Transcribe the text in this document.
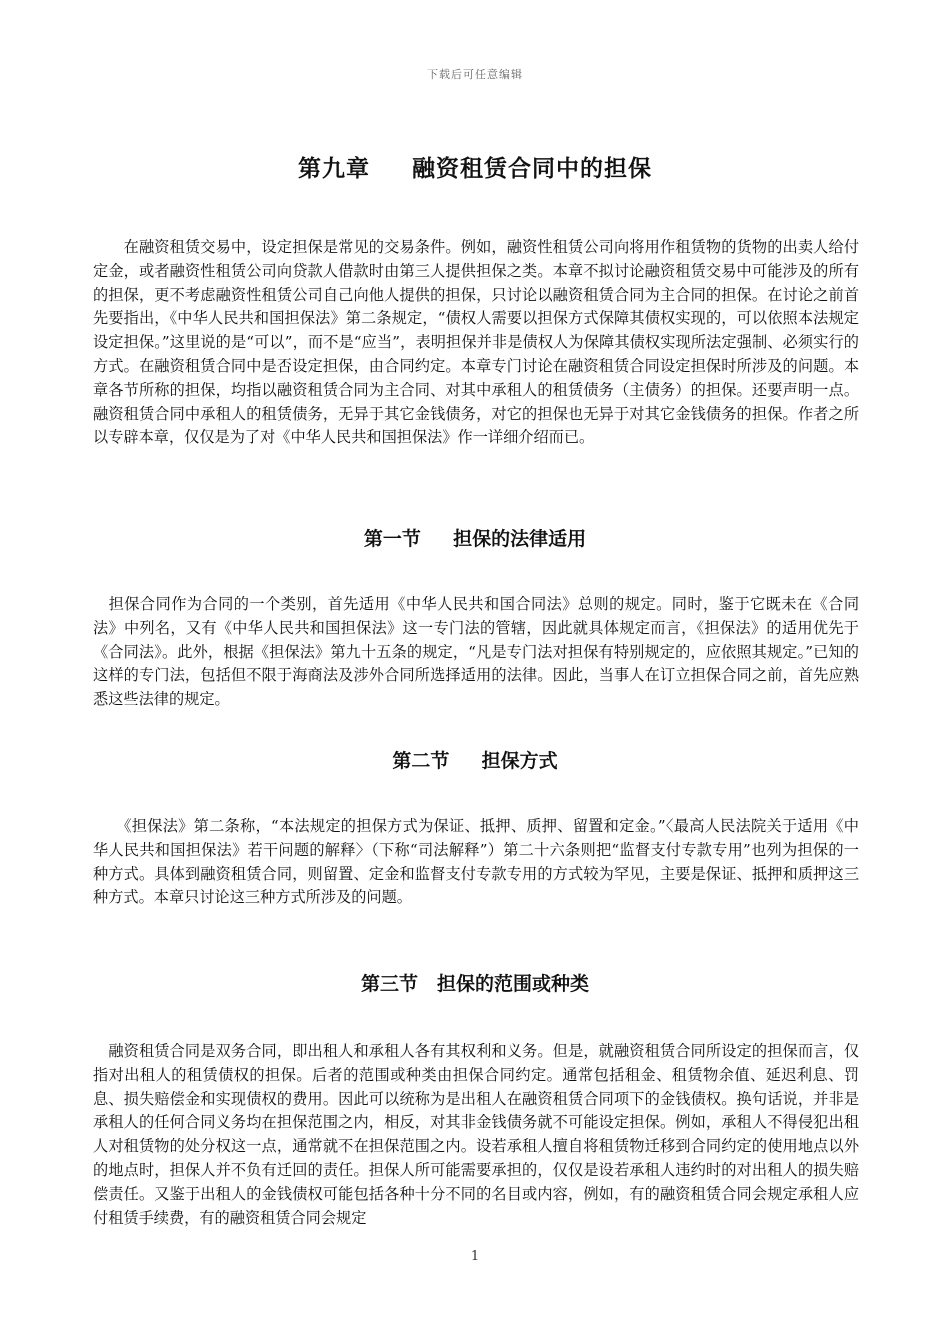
下载后可任意编辑
第九章　  融资租赁合同中的担保

　　在融资租赁交易中，设定担保是常见的交易条件。例如，融资性租赁公司向将用作租赁物的货物的出卖人给付定金，或者融资性租赁公司向贷款人借款时由第三人提供担保之类。本章不拟讨论融资租赁交易中可能涉及的所有的担保，更不考虑融资性租赁公司自己向他人提供的担保，只讨论以融资租赁合同为主合同的担保。在讨论之前首先要指出，《中华人民共和国担保法》第二条规定，“债权人需要以担保方式保障其债权实现的，可以依照本法规定设定担保。”这里说的是“可以”，而不是“应当”，表明担保并非是债权人为保障其债权实现所法定强制、必须实行的方式。在融资租赁合同中是否设定担保，由合同约定。本章专门讨论在融资租赁合同设定担保时所涉及的问题。本章各节所称的担保，均指以融资租赁合同为主合同、对其中承租人的租赁债务（主债务）的担保。还要声明一点。融资租赁合同中承租人的租赁债务，无异于其它金钱债务，对它的担保也无异于对其它金钱债务的担保。作者之所以专辟本章，仅仅是为了对《中华人民共和国担保法》作一详细介绍而已。

第一节　  担保的法律适用

　担保合同作为合同的一个类别，首先适用《中华人民共和国合同法》总则的规定。同时，鉴于它既未在《合同法》中列名，又有《中华人民共和国担保法》这一专门法的管辖，因此就具体规定而言，《担保法》的适用优先于《合同法》。此外，根据《担保法》第九十五条的规定，“凡是专门法对担保有特别规定的，应依照其规定。”已知的这样的专门法，包括但不限于海商法及涉外合同所选择适用的法律。因此，当事人在订立担保合同之前，首先应熟悉这些法律的规定。

第二节　  担保方式

　　《担保法》第二条称，“本法规定的担保方式为保证、抵押、质押、留置和定金。”〈最高人民法院关于适用《中华人民共和国担保法》若干问题的解释〉（下称“司法解释”）第二十六条则把“监督支付专款专用”也列为担保的一种方式。具体到融资租赁合同，则留置、定金和监督支付专款专用的方式较为罕见，主要是保证、抵押和质押这三种方式。本章只讨论这三种方式所涉及的问题。

第三节　担保的范围或种类

　融资租赁合同是双务合同，即出租人和承租人各有其权利和义务。但是，就融资租赁合同所设定的担保而言，仅指对出租人的租赁债权的担保。后者的范围或种类由担保合同约定。通常包括租金、租赁物余值、延迟利息、罚息、损失赔偿金和实现债权的费用。因此可以统称为是出租人在融资租赁合同项下的金钱债权。换句话说，并非是承租人的任何合同义务均在担保范围之内，相反，对其非金钱债务就不可能设定担保。例如，承租人不得侵犯出租人对租赁物的处分权这一点，通常就不在担保范围之内。设若承租人擅自将租赁物迁移到合同约定的使用地点以外的地点时，担保人并不负有迁回的责任。担保人所可能需要承担的，仅仅是设若承租人违约时的对出租人的损失赔偿责任。又鉴于出租人的金钱债权可能包括各种十分不同的名目或内容，例如，有的融资租赁合同会规定承租人应付租赁手续费，有的融资租赁合同会规定

1
